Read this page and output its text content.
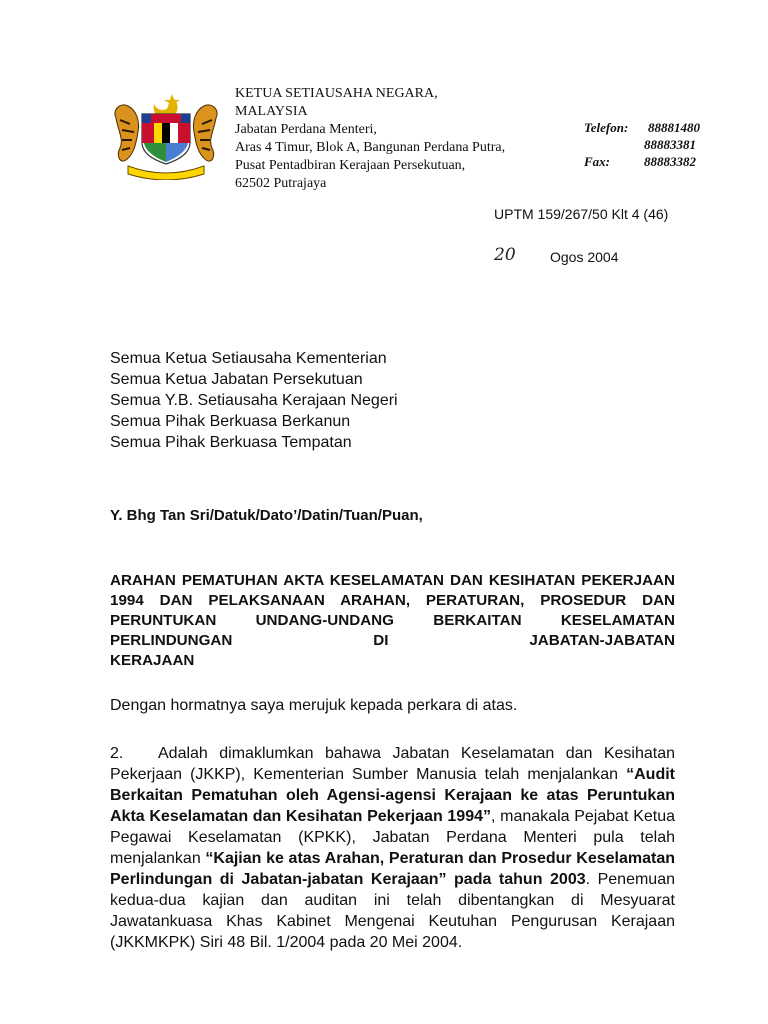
KETUA SETIAUSAHA NEGARA,
MALAYSIA
Jabatan Perdana Menteri,
Aras 4 Timur, Blok A, Bangunan Perdana Putra,
Pusat Pentadbiran Kerajaan Persekutuan,
62502 Putrajaya
Telefon: 88881480
88883381
Fax:	88883382
UPTM 159/267/50 Klt 4 (46)
20 Ogos 2004
Semua Ketua Setiausaha Kementerian
Semua Ketua Jabatan Persekutuan
Semua Y.B. Setiausaha Kerajaan Negeri
Semua Pihak Berkuasa Berkanun
Semua Pihak Berkuasa Tempatan
Y. Bhg Tan Sri/Datuk/Dato’/Datin/Tuan/Puan,
ARAHAN PEMATUHAN AKTA KESELAMATAN DAN KESIHATAN PEKERJAAN 1994 DAN PELAKSANAAN ARAHAN, PERATURAN, PROSEDUR DAN PERUNTUKAN UNDANG-UNDANG BERKAITAN KESELAMATAN PERLINDUNGAN DI JABATAN-JABATAN
KERAJAAN
Dengan hormatnya saya merujuk kepada perkara di atas.
2. Adalah dimaklumkan bahawa Jabatan Keselamatan dan Kesihatan Pekerjaan (JKKP), Kementerian Sumber Manusia telah menjalankan “Audit Berkaitan Pematuhan oleh Agensi-agensi Kerajaan ke atas Peruntukan Akta Keselamatan dan Kesihatan Pekerjaan 1994”, manakala Pejabat Ketua Pegawai Keselamatan (KPKK), Jabatan Perdana Menteri pula telah menjalankan “Kajian ke atas Arahan, Peraturan dan Prosedur Keselamatan Perlindungan di Jabatan-jabatan Kerajaan” pada tahun 2003. Penemuan kedua-dua kajian dan auditan ini telah dibentangkan di Mesyuarat Jawatankuasa Khas Kabinet Mengenai Keutuhan Pengurusan Kerajaan (JKKMKPK) Siri 48 Bil. 1/2004 pada 20 Mei 2004.
